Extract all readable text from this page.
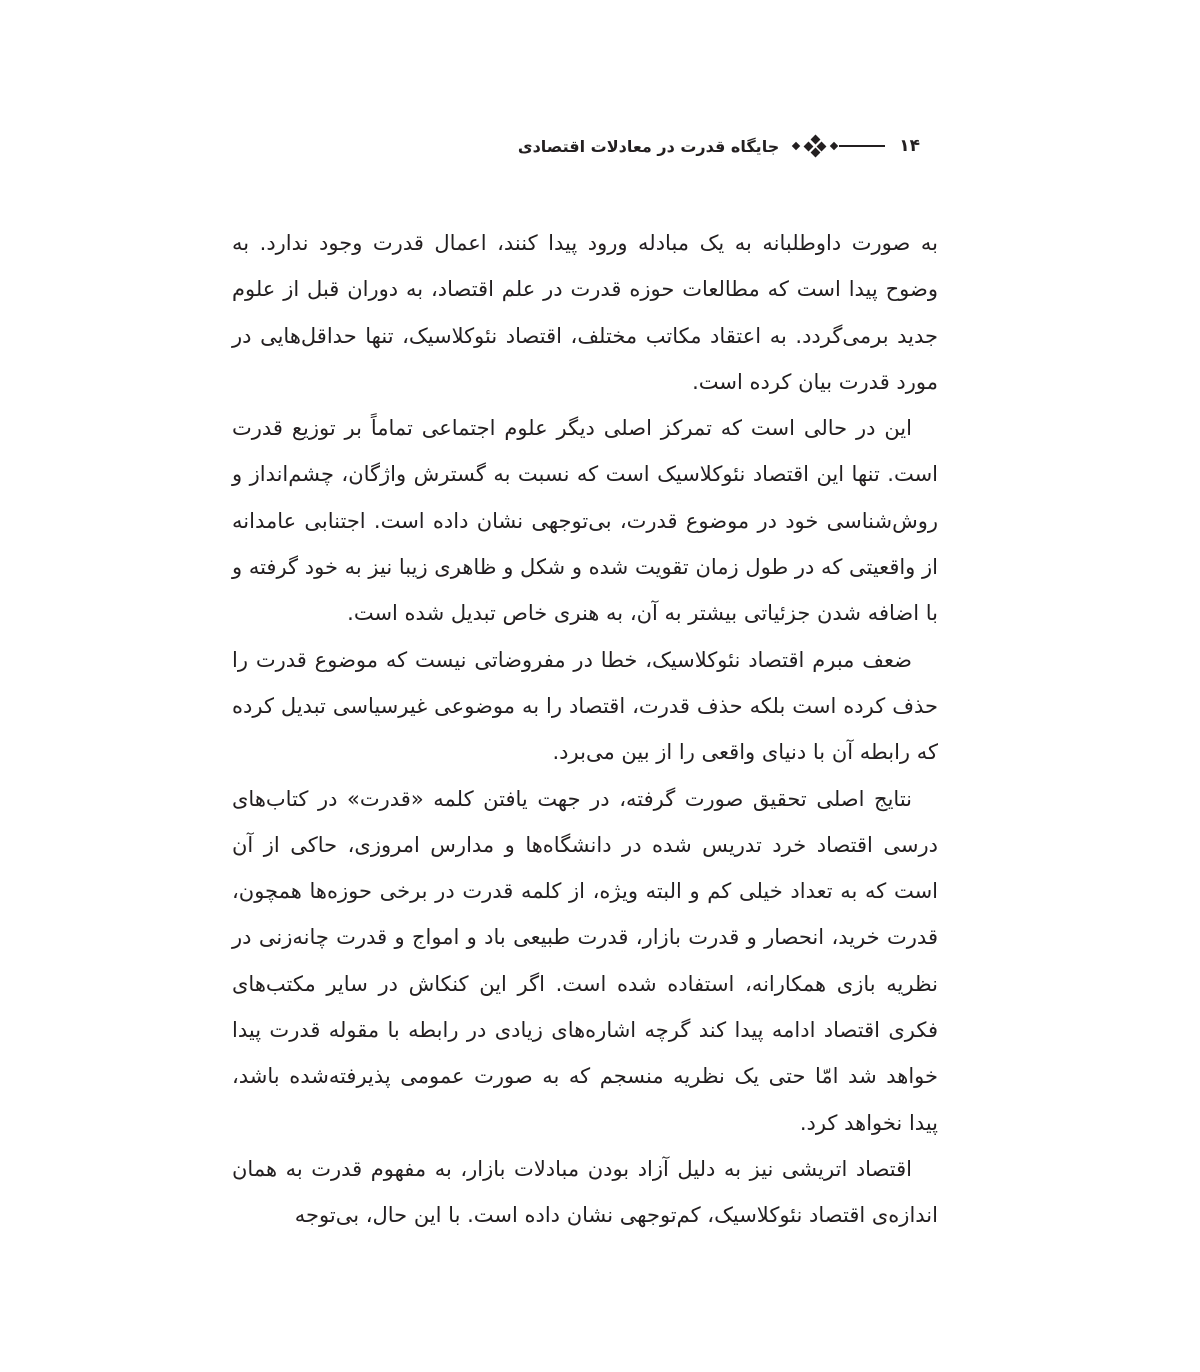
۱۴
جایگاه قدرت در معادلات اقتصادی

به صورت داوطلبانه به یک مبادله ورود پیدا کنند، اعمال قدرت وجود ندارد. به وضوح پیدا است که مطالعات حوزه قدرت در علم اقتصاد، به دوران قبل از علوم جدید برمی‌گردد. به اعتقاد مکاتب مختلف، اقتصاد نئوکلاسیک، تنها حداقل‌هایی در مورد قدرت بیان کرده است.

این در حالی است که تمرکز اصلی دیگر علوم اجتماعی تماماً بر توزیع قدرت است. تنها این اقتصاد نئوکلاسیک است که نسبت به گسترش واژگان، چشم‌انداز و روش‌شناسی خود در موضوع قدرت، بی‌توجهی نشان داده است. اجتنابی عامدانه از واقعیتی که در طول زمان تقویت شده و شکل و ظاهری زیبا نیز به خود گرفته و با اضافه شدن جزئیاتی بیشتر به آن، به هنری خاص تبدیل شده است.

ضعف مبرم اقتصاد نئوکلاسیک، خطا در مفروضاتی نیست که موضوع قدرت را حذف کرده است بلکه حذف قدرت، اقتصاد را به موضوعی غیرسیاسی تبدیل کرده که رابطه آن با دنیای واقعی را از بین می‌برد.

نتایج اصلی تحقیق صورت گرفته، در جهت یافتن کلمه «قدرت» در کتاب‌های درسی اقتصاد خرد تدریس شده در دانشگاه‌ها و مدارس امروزی، حاکی از آن است که به تعداد خیلی کم و البته ویژه، از کلمه قدرت در برخی حوزه‌ها همچون، قدرت خرید، انحصار و قدرت بازار، قدرت طبیعی باد و امواج و قدرت چانه‌زنی در نظریه بازی همکارانه، استفاده شده است. اگر این کنکاش در سایر مکتب‌های فکری اقتصاد ادامه پیدا کند گرچه اشاره‌های زیادی در رابطه با مقوله قدرت پیدا خواهد شد امّا حتی یک نظریه منسجم که به صورت عمومی پذیرفته‌شده باشد، پیدا نخواهد کرد.

اقتصاد اتریشی نیز به دلیل آزاد بودن مبادلات بازار، به مفهوم قدرت به همان اندازه‌ی اقتصاد نئوکلاسیک، کم‌توجهی نشان داده است. با این حال، بی‌توجه
